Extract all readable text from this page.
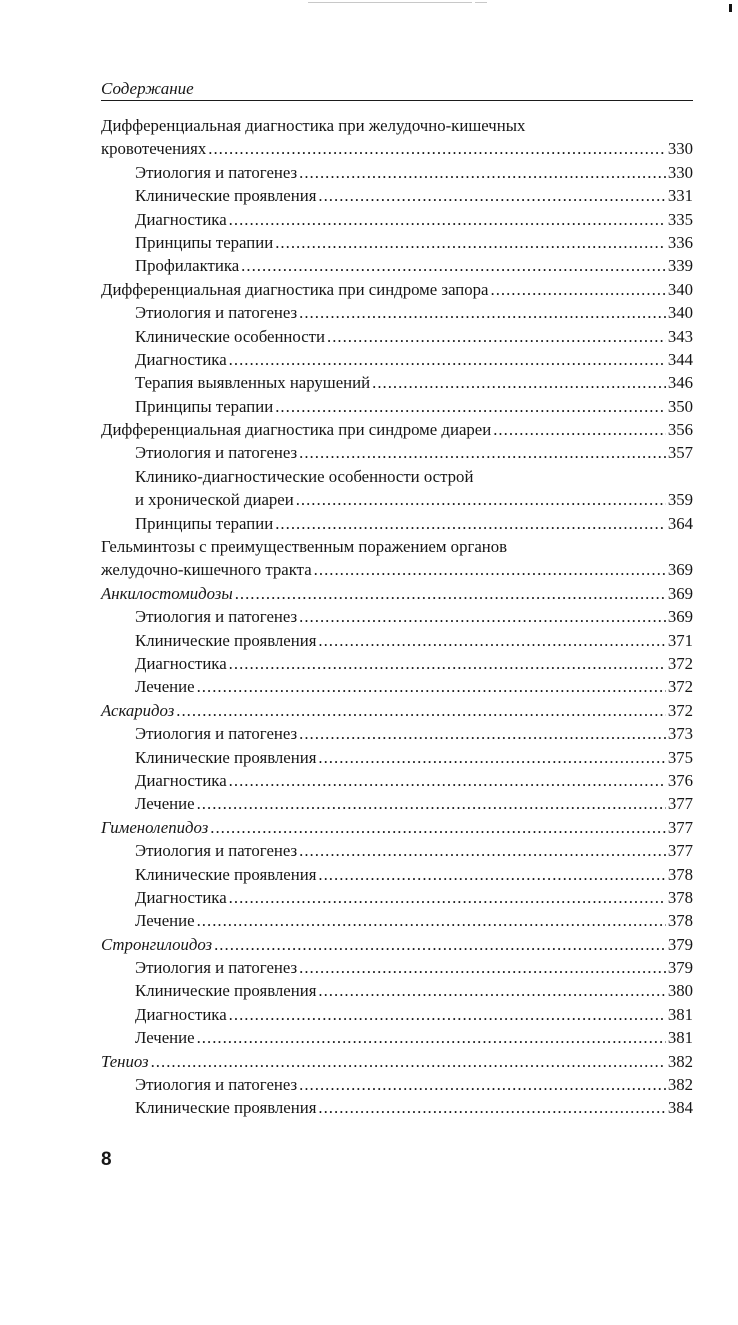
Содержание
Дифференциальная диагностика при желудочно-кишечных
кровотечениях .....	330
Этиология и патогенез .....	330
Клинические проявления .....	331
Диагностика .....	335
Принципы терапии .....	336
Профилактика .....	339
Дифференциальная диагностика при синдроме запора .....	340
Этиология и патогенез .....	340
Клинические особенности .....	343
Диагностика .....	344
Терапия выявленных нарушений .....	346
Принципы терапии .....	350
Дифференциальная диагностика при синдроме диареи .....	356
Этиология и патогенез .....	357
Клинико-диагностические особенности острой
и хронической диареи .....	359
Принципы терапии .....	364
Гельминтозы с преимущественным поражением органов
желудочно-кишечного тракта .....	369
Анкилостомидозы .....	369
Этиология и патогенез .....	369
Клинические проявления .....	371
Диагностика .....	372
Лечение .....	372
Аскаридоз .....	372
Этиология и патогенез .....	373
Клинические проявления .....	375
Диагностика .....	376
Лечение .....	377
Гименолепидоз .....	377
Этиология и патогенез .....	377
Клинические проявления .....	378
Диагностика .....	378
Лечение .....	378
Стронгилоидоз .....	379
Этиология и патогенез .....	379
Клинические проявления .....	380
Диагностика .....	381
Лечение .....	381
Тениоз .....	382
Этиология и патогенез .....	382
Клинические проявления .....	384
8
